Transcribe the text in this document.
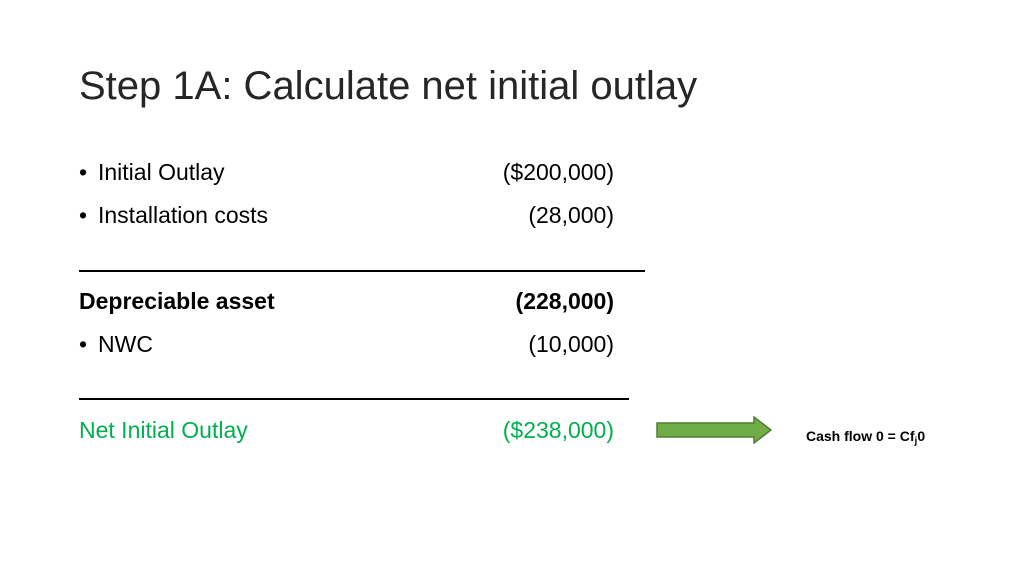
Step 1A: Calculate net initial outlay
• Initial Outlay	($200,000)
• Installation costs	(28,000)
Depreciable asset	(228,000)
• NWC	(10,000)
Net Initial Outlay	($238,000)	Cash flow $0 = Cf_j0$
